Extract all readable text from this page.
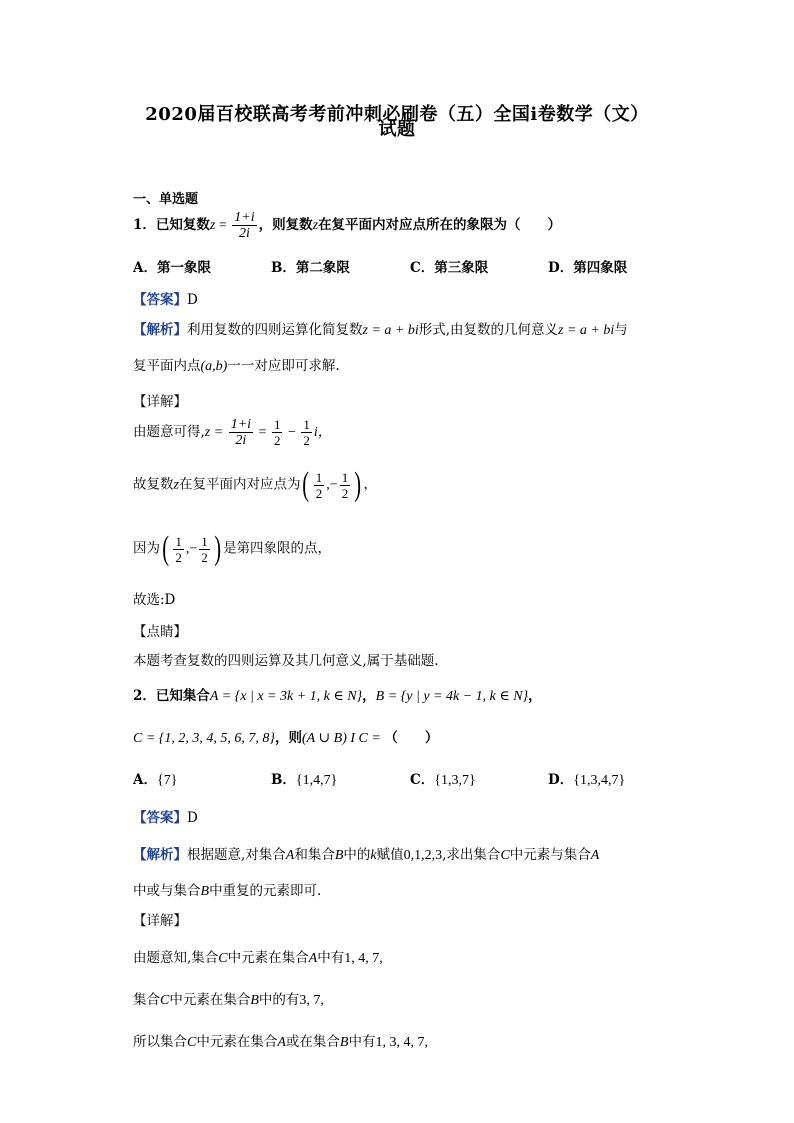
2020届百校联高考考前冲刺必刷卷（五）全国i卷数学（文）
试题
一、单选题
1．已知复数$z = \frac{1+i}{2i}$ ，则复数z在复平面内对应点所在的象限为（　　）
A．第一象限	B．第二象限	C．第三象限	D．第四象限
【答案】D
【解析】利用复数的四则运算化简复数z = a + bi形式,由复数的几何意义z = a + bi与
复平面内点(a,b)一一对应即可求解.
【详解】
由题意可得$,z = \frac{1+i}{2i} = \frac{1}{2} - \frac{1}{2}$ i，
故复数z在复平面内对应点为( $\frac{1}{2}$ ,− $\frac{1}{2}$ ) ，
因为( $\frac{1}{2}$ ,− $\frac{1}{2}$ ) 是第四象限的点，
故选:D
【点睛】
本题考查复数的四则运算及其几何意义,属于基础题.
2．已知集合A = {x | x = 3k + 1, k ∈ N}，B = {y | y = 4k − 1, k ∈ N}，
C = {1, 2, 3, 4, 5, 6, 7, 8}，则(A ∪ B) I C = （　　）
A．{7}	B．{1,4,7}	C．{1,3,7}	D．{1,3,4,7}
【答案】D
【解析】根据题意,对集合A和集合B中的k赋值0,1,2,3,求出集合C中元素与集合A
中或与集合B中重复的元素即可.
【详解】
由题意知,集合C中元素在集合A中有1, 4, 7,
集合C中元素在集合B中的有3, 7,
所以集合C中元素在集合A或在集合B中有1, 3, 4, 7,
